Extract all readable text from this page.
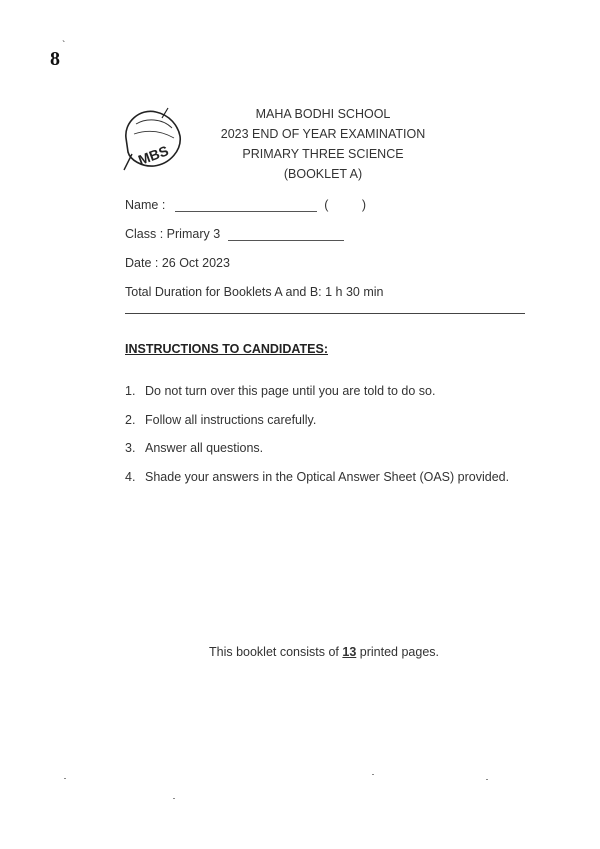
8
`
MBS
MAHA BODHI SCHOOL
2023 END OF YEAR EXAMINATION
PRIMARY THREE SCIENCE
(BOOKLET A)
Name :	(	)
Class : Primary 3
Date : 26 Oct 2023
Total Duration for Booklets A and B: 1 h 30 min
INSTRUCTIONS TO CANDIDATES:
1. Do not turn over this page until you are told to do so.
2. Follow all instructions carefully.
3. Answer all questions.
4. Shade your answers in the Optical Answer Sheet (OAS) provided.
This booklet consists of 13 printed pages.
